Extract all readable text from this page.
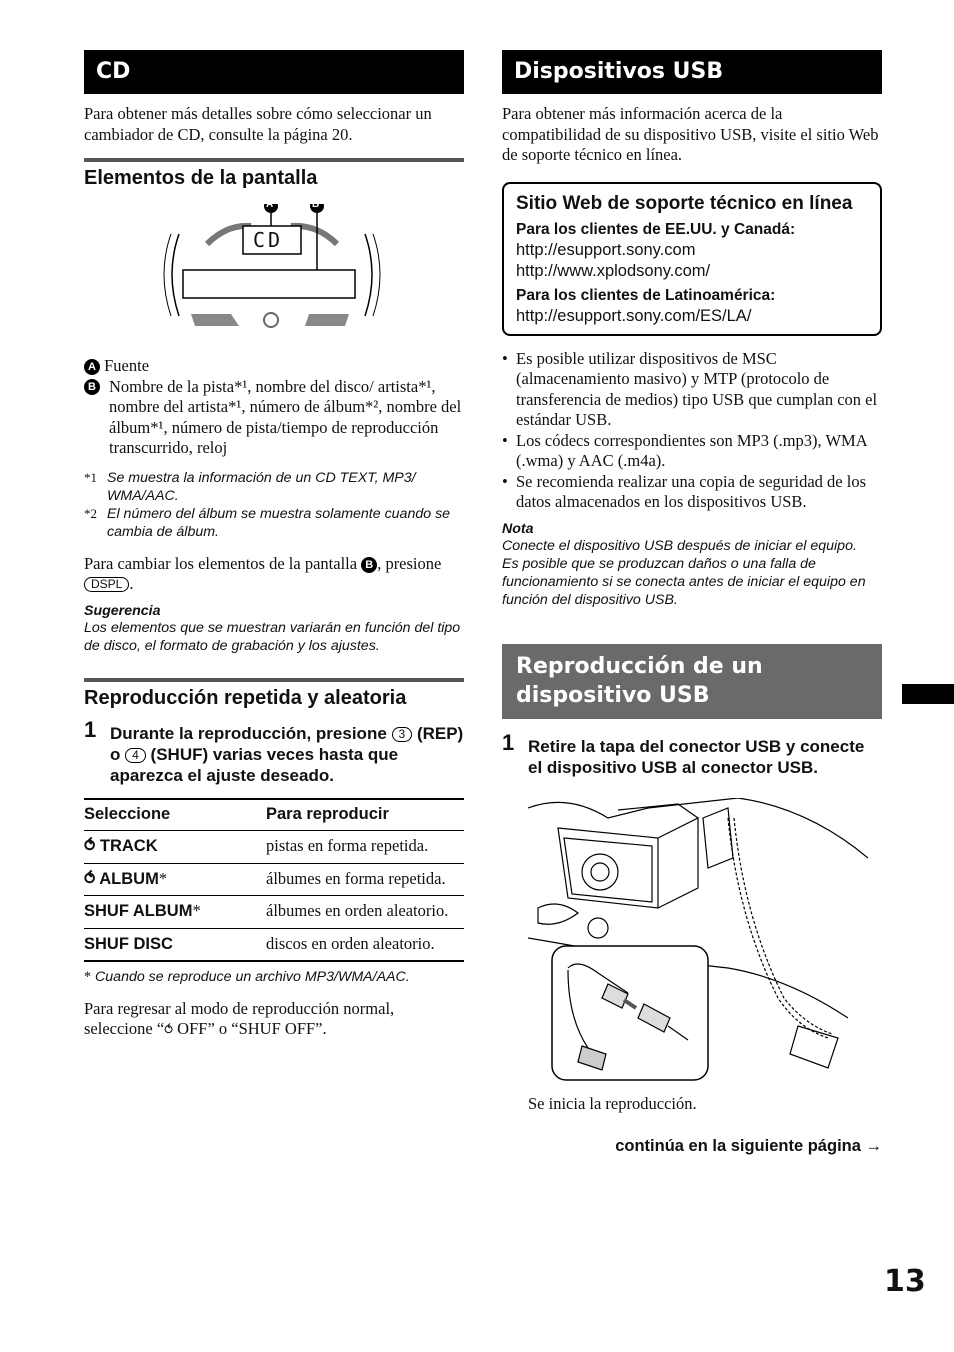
CD
Para obtener más detalles sobre cómo seleccionar un cambiador de CD, consulte la página 20.
Elementos de la pantalla
A	B
CD
A Fuente
B Nombre de la pista*¹, nombre del disco/ artista*¹, nombre del artista*¹, número de álbum*², nombre del álbum*¹, número de pista/tiempo de reproducción transcurrido, reloj
*1 Se muestra la información de un CD TEXT, MP3/ WMA/AAC.
*2 El número del álbum se muestra solamente cuando se cambia de álbum.
Para cambiar los elementos de la pantalla B , presione DSPL .
Sugerencia
Los elementos que se muestran variarán en función del tipo de disco, el formato de grabación y los ajustes.
Reproducción repetida y aleatoria
1 Durante la reproducción, presione 3 (REP) o 4 (SHUF) varias veces hasta que aparezca el ajuste deseado.
Seleccione	Para reproducir
⥀ TRACK	pistas en forma repetida.
⥀ ALBUM*	álbumes en forma repetida.
SHUF ALBUM*	álbumes en orden aleatorio.
SHUF DISC	discos en orden aleatorio.
* Cuando se reproduce un archivo MP3/WMA/AAC.
Para regresar al modo de reproducción normal, seleccione “⥀ OFF” o “SHUF OFF”.
Dispositivos USB
Para obtener más información acerca de la compatibilidad de su dispositivo USB, visite el sitio Web de soporte técnico en línea.
Sitio Web de soporte técnico en línea
Para los clientes de EE.UU. y Canadá:
http://esupport.sony.com
http://www.xplodsony.com/
Para los clientes de Latinoamérica:
http://esupport.sony.com/ES/LA/
• Es posible utilizar dispositivos de MSC (almacenamiento masivo) y MTP (protocolo de transferencia de medios) tipo USB que cumplan con el estándar USB.
• Los códecs correspondientes son MP3 (.mp3), WMA (.wma) y AAC (.m4a).
• Se recomienda realizar una copia de seguridad de los datos almacenados en los dispositivos USB.
Nota
Conecte el dispositivo USB después de iniciar el equipo.
Es posible que se produzcan daños o una falla de funcionamiento si se conecta antes de iniciar el equipo en función del dispositivo USB.
Reproducción de un dispositivo USB
1 Retire la tapa del conector USB y conecte el dispositivo USB al conector USB.
Se inicia la reproducción.
continúa en la siguiente página →
13
